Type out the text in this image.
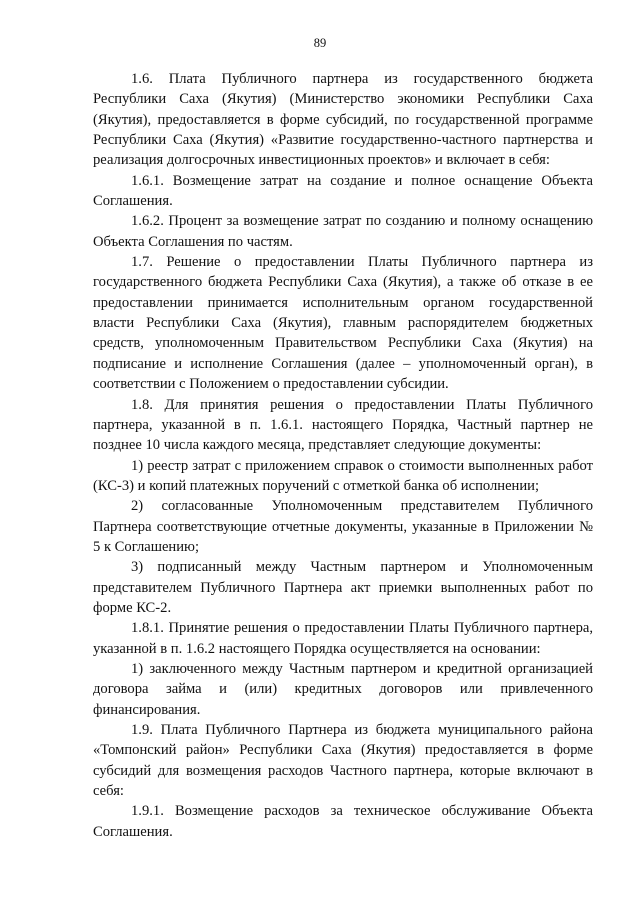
89

1.6. Плата Публичного партнера из государственного бюджета Республики Саха (Якутия) (Министерство экономики Республики Саха (Якутия), предоставляется в форме субсидий, по государственной программе Республики Саха (Якутия) «Развитие государственно-частного партнерства и реализация долгосрочных инвестиционных проектов» и включает в себя:

1.6.1. Возмещение затрат на создание и полное оснащение Объекта Соглашения.

1.6.2. Процент за возмещение затрат по созданию и полному оснащению Объекта Соглашения по частям.

1.7. Решение о предоставлении Платы Публичного партнера из государственного бюджета Республики Саха (Якутия), а также об отказе в ее предоставлении принимается исполнительным органом государственной власти Республики Саха (Якутия), главным распорядителем бюджетных средств, уполномоченным Правительством Республики Саха (Якутия) на подписание и исполнение Соглашения (далее – уполномоченный орган), в соответствии с Положением о предоставлении субсидии.

1.8. Для принятия решения о предоставлении Платы Публичного партнера, указанной в п. 1.6.1. настоящего Порядка, Частный партнер не позднее 10 числа каждого месяца, представляет следующие документы:

1) реестр затрат с приложением справок о стоимости выполненных работ (КС-3) и копий платежных поручений с отметкой банка об исполнении;

2) согласованные Уполномоченным представителем Публичного Партнера соответствующие отчетные документы, указанные в Приложении № 5 к Соглашению;

3) подписанный между Частным партнером и Уполномоченным представителем Публичного Партнера акт приемки выполненных работ по форме КС-2.

1.8.1. Принятие решения о предоставлении Платы Публичного партнера, указанной в п. 1.6.2 настоящего Порядка осуществляется на основании:

1) заключенного между Частным партнером и кредитной организацией договора займа и (или) кредитных договоров или привлеченного финансирования.

1.9. Плата Публичного Партнера из бюджета муниципального района «Томпонский район» Республики Саха (Якутия) предоставляется в форме субсидий для возмещения расходов Частного партнера, которые включают в себя:

1.9.1. Возмещение расходов за техническое обслуживание Объекта Соглашения.
